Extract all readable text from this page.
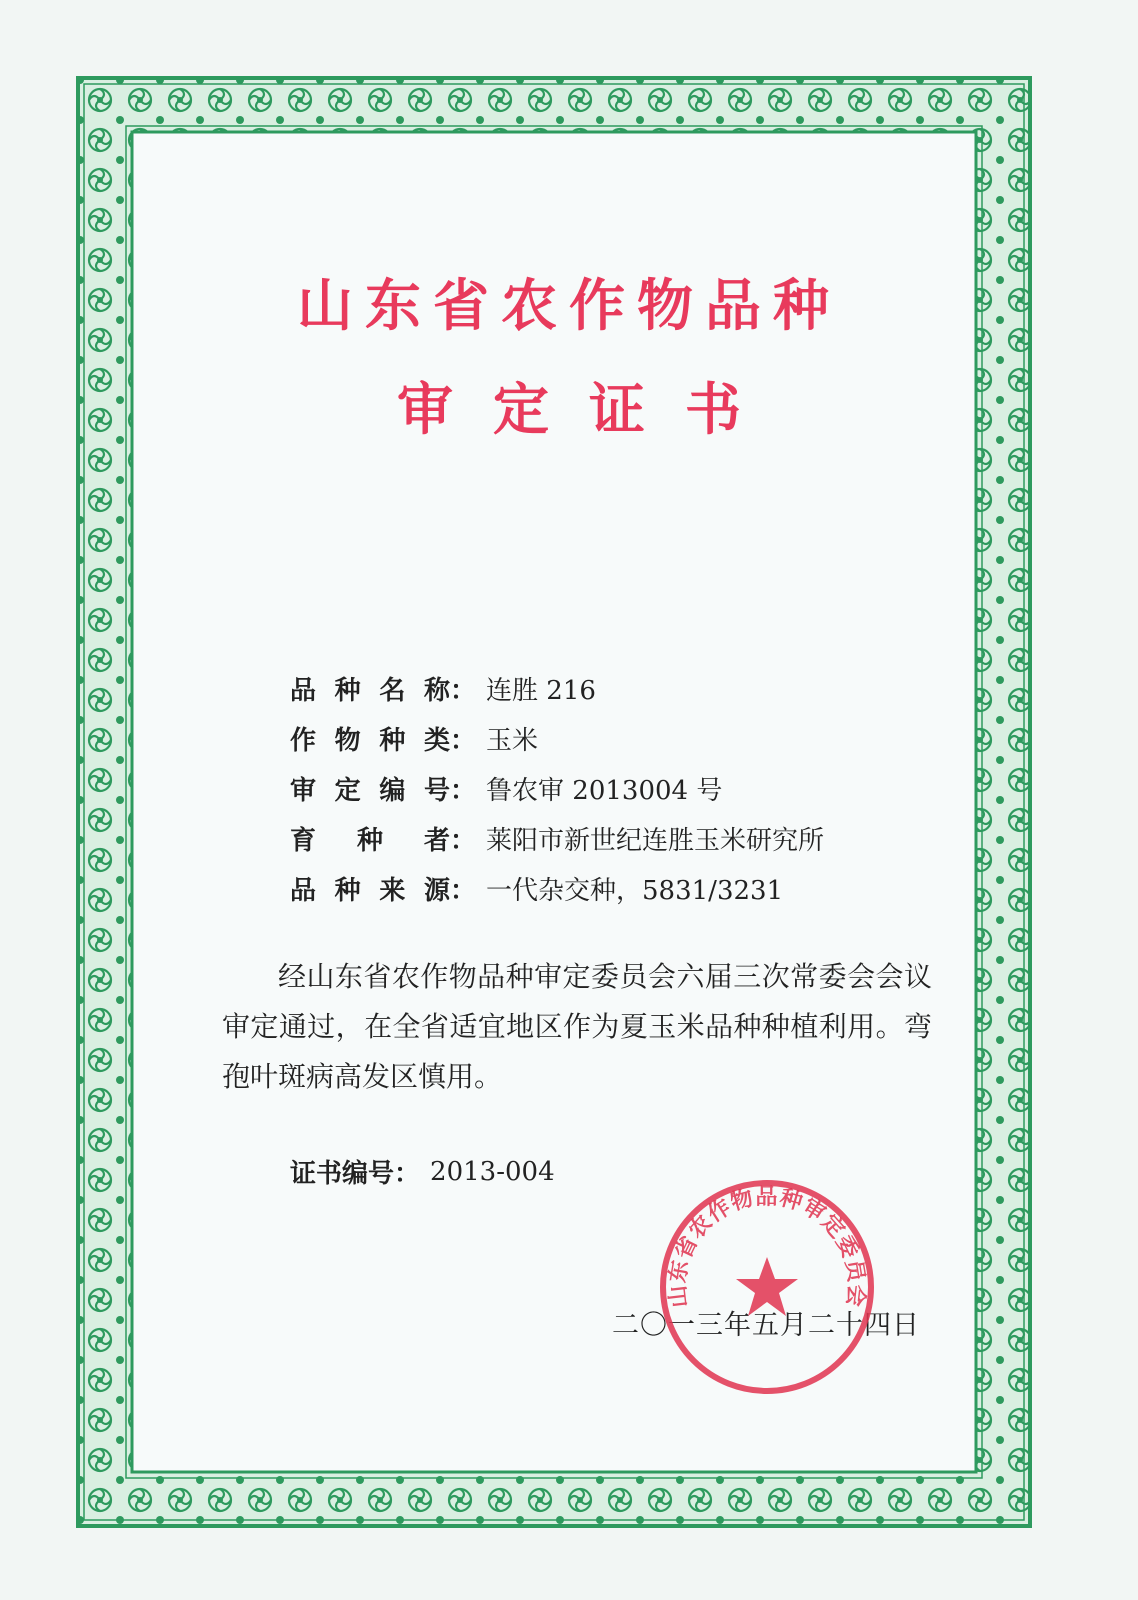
山东省农作物品种
审定证书
品种名称 ： 连胜 216
作物种类 ： 玉米
审定编号 ： 鲁农审 2013004 号
育 种 者 ： 莱阳市新世纪连胜玉米研究所
品种来源 ： 一代杂交种，5831/3231

经山东省农作物品种审定委员会六届三次常委会会议审定通过，在全省适宜地区作为夏玉米品种种植利用。弯孢叶斑病高发区慎用。

证书编号 ： 2013-004
二〇一三年五月二十四日
山东省农作物品种审定委员会
